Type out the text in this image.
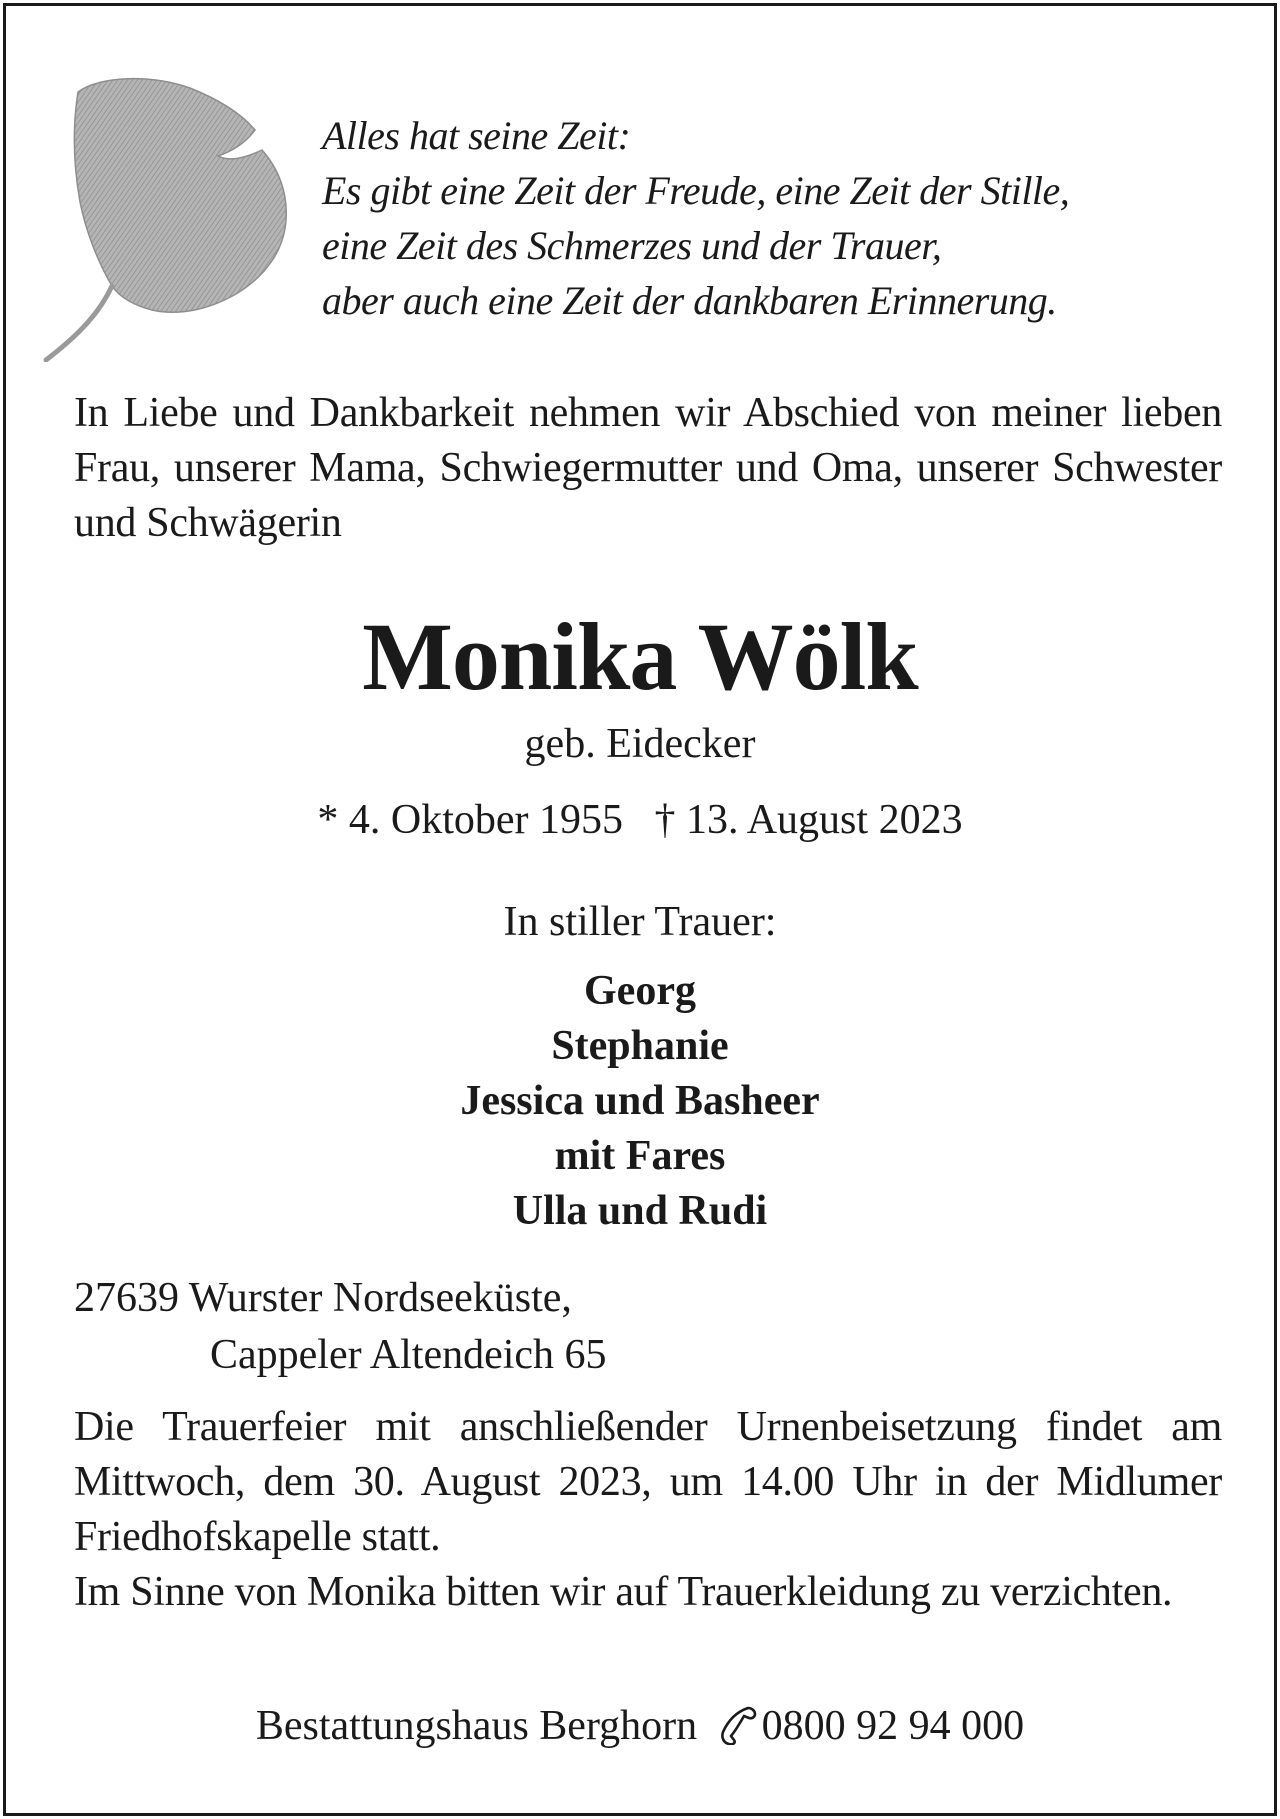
Alles hat seine Zeit:
Es gibt eine Zeit der Freude, eine Zeit der Stille,
eine Zeit des Schmerzes und der Trauer,
aber auch eine Zeit der dankbaren Erinnerung.
In Liebe und Dankbarkeit nehmen wir Abschied von meiner lieben Frau, unserer Mama, Schwiegermutter und Oma, unserer Schwester und Schwägerin
Monika Wölk
geb. Eidecker
* 4. Oktober 1955 † 13. August 2023
In stiller Trauer:
Georg
Stephanie
Jessica und Basheer
mit Fares
Ulla und Rudi
27639 Wurster Nordseeküste,
Cappeler Altendeich 65

Die Trauerfeier mit anschließender Urnenbeisetzung findet am Mittwoch, dem 30. August 2023, um 14.00 Uhr in der Midlumer Friedhofskapelle statt.

Im Sinne von Monika bitten wir auf Trauerkleidung zu verzichten.

Bestattungshaus Berghorn 0800 92 94 000
